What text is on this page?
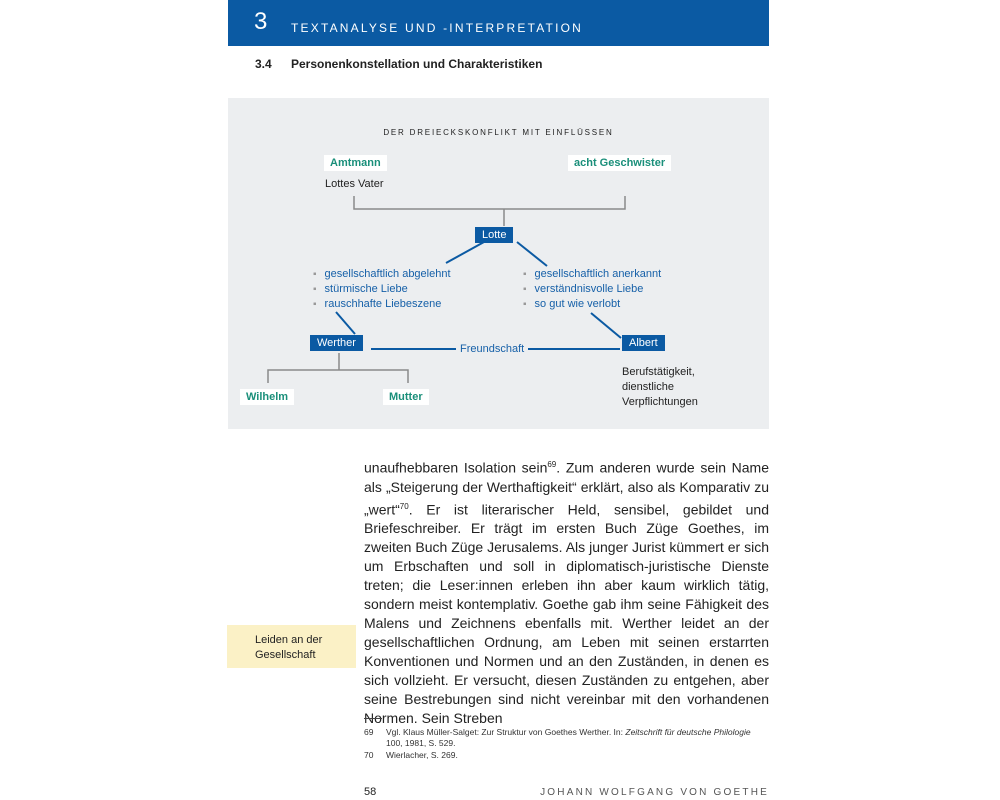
3 TEXTANALYSE UND -INTERPRETATION
3.4 Personenkonstellation und Charakteristiken
DER DREIECKSKONFLIKT MIT EINFLÜSSEN
Amtmann
Lottes Vater
acht Geschwister
Lotte
▪ gesellschaftlich abgelehnt
▪ stürmische Liebe
▪ rauschhafte Liebeszene
▪ gesellschaftlich anerkannt
▪ verständnisvolle Liebe
▪ so gut wie verlobt
Werther	Albert
Berufstätigkeit,
dienstliche
Verpflichtungen
Wilhelm	Mutter
Freundschaft
Leiden an der
Gesellschaft

unaufhebbaren Isolation sein$^{69}$. Zum anderen wurde sein Name als „Steigerung der Werthaftigkeit“ erklärt, also als Komparativ zu „wert“$^{70}$. Er ist literarischer Held, sensibel, gebildet und Briefeschreiber. Er trägt im ersten Buch Züge Goethes, im zweiten Buch Züge Jerusalems. Als junger Jurist kümmert er sich um Erbschaften und soll in diplomatisch-juristische Dienste treten; die Leser:innen erleben ihn aber kaum wirklich tätig, sondern meist kontemplativ. Goethe gab ihm seine Fähigkeit des Malens und Zeichnens ebenfalls mit. Werther leidet an der gesellschaftlichen Ordnung, am Leben mit seinen erstarrten Konventionen und Normen und an den Zuständen, in denen es sich vollzieht. Er versucht, diesen Zuständen zu entgehen, aber seine Bestrebungen sind nicht vereinbar mit den vorhandenen Normen. Sein Streben

69 Vgl. Klaus Müller-Salget: Zur Struktur von Goethes Werther. In: Zeitschrift für deutsche Philologie 100, 1981, S. 529.
70 Wierlacher, S. 269.
58	JOHANN WOLFGANG VON GOETHE
